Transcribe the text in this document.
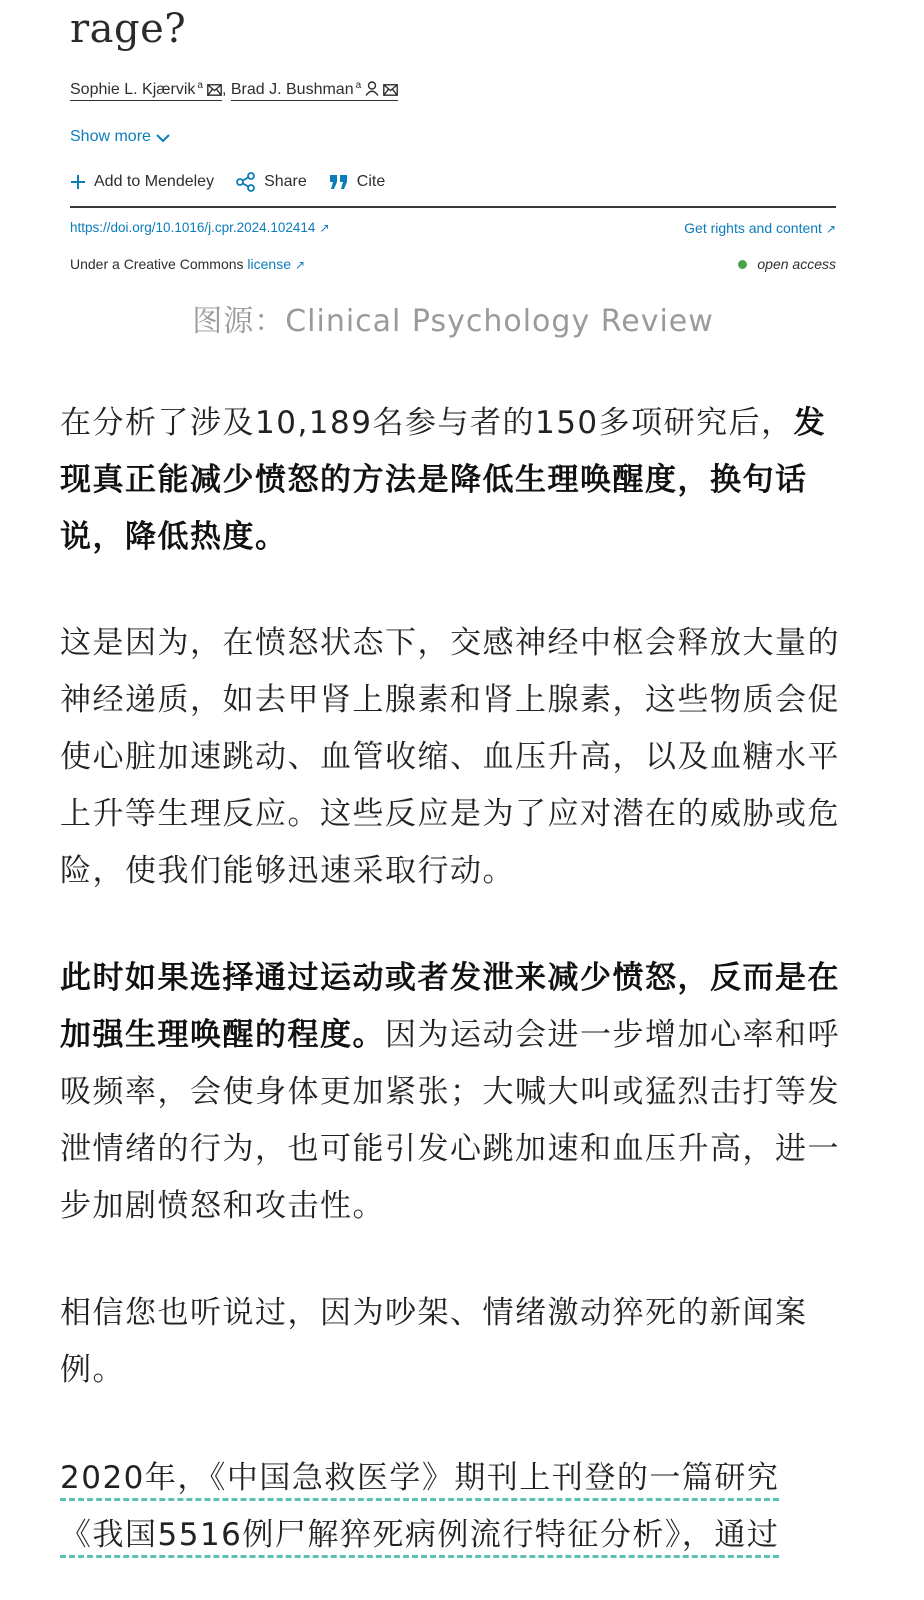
rage?
Sophie L. Kjærvik $^a$ , Brad J. Bushman $^a$
Show more
Add to Mendeley	Share	Cite
https://doi.org/10.1016/j.cpr.2024.102414 ↗	Get rights and content ↗
Under a Creative Commons license ↗	open access
图源：Clinical Psychology Review

在分析了涉及10,189名参与者的150多项研究后，发现真正能减少愤怒的方法是降低生理唤醒度，换句话说，降低热度。

这是因为，在愤怒状态下，交感神经中枢会释放大量的神经递质，如去甲肾上腺素和肾上腺素，这些物质会促使心脏加速跳动、血管收缩、血压升高，以及血糖水平上升等生理反应。这些反应是为了应对潜在的威胁或危险，使我们能够迅速采取行动。

此时如果选择通过运动或者发泄来减少愤怒，反而是在加强生理唤醒的程度。因为运动会进一步增加心率和呼吸频率，会使身体更加紧张；大喊大叫或猛烈击打等发泄情绪的行为，也可能引发心跳加速和血压升高，进一步加剧愤怒和攻击性。

相信您也听说过，因为吵架、情绪激动猝死的新闻案例。

2020年，《中国急救医学》期刊上刊登的一篇研究
《我国5516例尸解猝死病例流行特征分析》，通过
